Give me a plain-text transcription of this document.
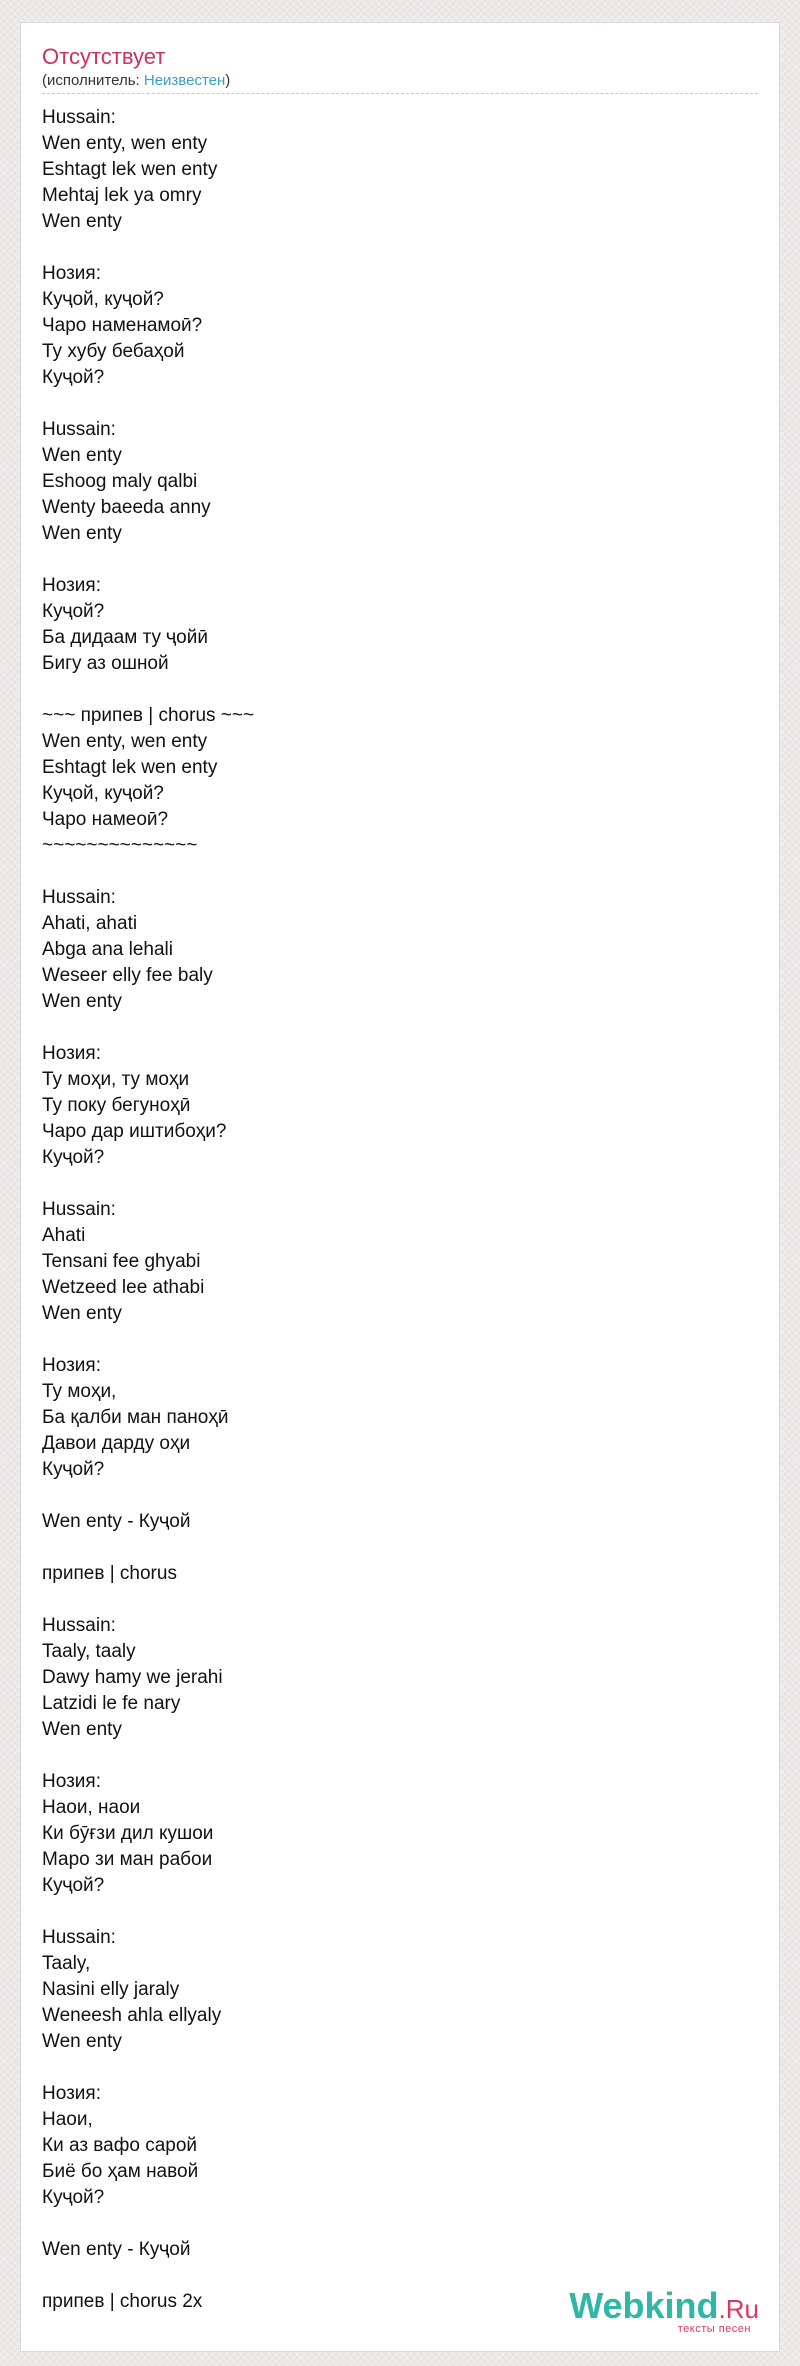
Отсутствует
(исполнитель: Неизвестен)
Hussain:
Wen enty, wen enty
Eshtagt lek wen enty
Mehtaj lek ya omry
Wen enty

Нозия:
Куҷой, куҷой?
Чаро наменамоӣ?
Ту хубу бебаҳой
Куҷой?

Hussain:
Wen enty
Eshoog maly qalbi
Wenty baeeda anny
Wen enty

Нозия:
Куҷой?
Ба дидаам ту ҷойӣ
Бигу аз ошной

~~~ припев | chorus ~~~
Wen enty, wen enty
Eshtagt lek wen enty
Куҷой, куҷой?
Чаро намеоӣ?
~~~~~~~~~~~~~~

Hussain:
Ahati, ahati
Abga ana lehali
Weseer elly fee baly
Wen enty

Нозия:
Ту моҳи, ту моҳи
Ту поку бегуноҳӣ
Чаро дар иштибоҳи?
Куҷой?

Hussain:
Ahati
Tensani fee ghyabi
Wetzeed lee athabi
Wen enty

Нозия:
Ту моҳи,
Ба қалби ман паноҳӣ
Давои дарду оҳи
Куҷой?

Wen enty - Куҷой

припев | chorus

Hussain:
Taaly, taaly
Dawy hamy we jerahi
Latzidi le fe nary
Wen enty

Нозия:
Наои, наои
Ки бӯғзи дил кушои
Маро зи ман рабои
Куҷой?

Hussain:
Taaly,
Nasini elly jaraly
Weneesh ahla ellyaly
Wen enty

Нозия:
Наои,
Ки аз вафо сарой
Биё бо ҳам навой
Куҷой?

Wen enty - Куҷой

припев | chorus 2x	Webkind.Ru
тексты песен
